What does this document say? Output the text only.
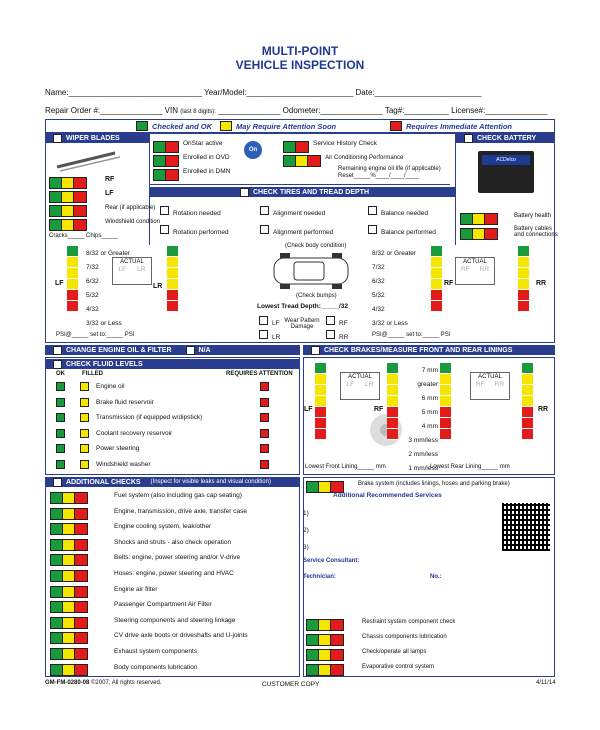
MULTI-POINT
VEHICLE INSPECTION
Name:______________________________ Year/Model:________________________ Date:________________________
Repair Order #:______________ VIN (last 8 digits): ______________ Odometer:______________ Tag#:__________ License#:______________
Checked and OK	May Require Attention Soon	Requires Immediate Attention
WIPER BLADES
RF
LF
Rear (if applicable)
Windshield condition
Cracks_____ Chips_____
OnStar active
Enrolled in OVD
Enrolled in DMN
On
Service History Check
Air Conditioning Performance
Remaining engine oil life (if applicable)
Reset_____%____/____/____
CHECK BATTERY
ACDelco
Battery health
Battery cables and connections
CHECK TIRES AND TREAD DEPTH
Rotation needed
Rotation performed
Alignment needed
Alignment performed
Balance needed
Balance performed
LF
8/32 or Greater
7/32
6/32
5/32
4/32
3/32 or Less
ACTUAL
LF LR
LR
(Check body condition)
(Check bumps)
8/32 or Greater
7/32
6/32
5/32
4/32
3/32 or Less
RF
ACTUAL
RF RR
RR
Lowest Tread Depth:_____/32
LF
LR
Wear Pattern Damage	RF
RR
PSI@_____ set to:_____ PSI	PSI@_____ set to:_____ PSI
CHANGE ENGINE OIL & FILTER	N/A	CHECK BRAKES/MEASURE FRONT AND REAR LININGS
CHECK FLUID LEVELS
OK	FILLED	REQUIRES ATTENTION
Engine oil
Brake fluid reservoir
Transmission (if equipped w/dipstick)
Coolant recovery reservoir
Power steering
Windshield washer
LF
ACTUAL
LF LR
RF
7 mm greater
6 mm
5 mm
4 mm
3 mm/less
2 mm/less
1 mm/less
ACTUAL
RF RR
RR
Lowest Front Lining_____ mm	Lowest Rear Lining_____ mm
ADDITIONAL CHECKS (Inspect for visible leaks and visual condition)
Fuel system (also including gas cap seating)
Engine, transmission, drive axle, transfer case
Engine cooling system, leak/other
Shocks and struts - also check operation
Belts: engine, power steering and/or V-drive
Hoses: engine, power steering and HVAC
Engine air filter
Passenger Compartment Air Filter
Steering components and steering linkage
CV drive axle boots or driveshafts and U-joints
Exhaust system components
Body components lubrication
Brake system (includes linings, hoses and parking brake)
Additional Recommended Services
1)
2)
3)
Service Consultant:
Technician:	No.:
Restraint system component check
Chassis components lubrication
Check/operate all lamps
Evaporative control system
GM-FM-0280-08 ©2007, All rights reserved.	CUSTOMER COPY	4/11/14
